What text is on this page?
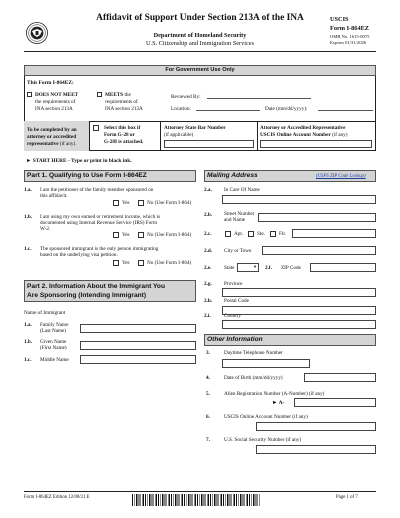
Affidavit of Support Under Section 213A of the INA
Department of Homeland Security
U.S. Citizenship and Immigration Services
USCIS
Form I-864EZ
OMB No. 1615-0075
Expires 01/31/2026
For Government Use Only
This Form I-864EZ:
DOES NOT MEET
the requirements of
INA section 213A
MEETS the
requirements of
INA section 213A
Reviewed By:
Location:	Date (mm/dd/yyyy):
To be completed by an
attorney or accredited
representative (if any).
Select this box if
Form G-28 or
G-28I is attached.
Attorney State Bar Number
(if applicable)
Attorney or Accredited Representative
USCIS Online Account Number (if any)
► START HERE - Type or print in black ink.
Part 1. Qualifying to Use Form I-864EZ
1.a. I am the petitioner of the family member sponsored on
this affidavit.
Yes	No (Use Form I-864)
1.b. I am using my own earned or retirement income, which is
documented using Internal Revenue Service (IRS) Form
W-2.
Yes	No (Use Form I-864)
1.c. The sponsored immigrant is the only person immigrating
based on the underlying visa petition.
Yes	No (Use Form I-864)
Part 2. Information About the Immigrant You
Are Sponsoring (Intending Immigrant)
Name of Immigrant
1.a. Family Name
(Last Name)
1.b. Given Name
(First Name)
1.c. Middle Name
Mailing Address	(USPS ZIP Code Lookup)
2.a. In Care Of Name
2.b. Street Number
and Name
2.c.	Apt.	Ste.	Flr.
2.d. City or Town
2.e. State	▼ 2.f. ZIP Code
2.g. Province
2.h. Postal Code
2.i.	Country
Other Information
3.	Daytime Telephone Number
4.	Date of Birth (mm/dd/yyyy)
5.	Alien Registration Number (A-Number) (if any)
► A-
6.	USCIS Online Account Number (if any)
7.	U.S. Social Security Number (if any)
Form I-864EZ Edition 12/08/21 E	Page 1 of 7
